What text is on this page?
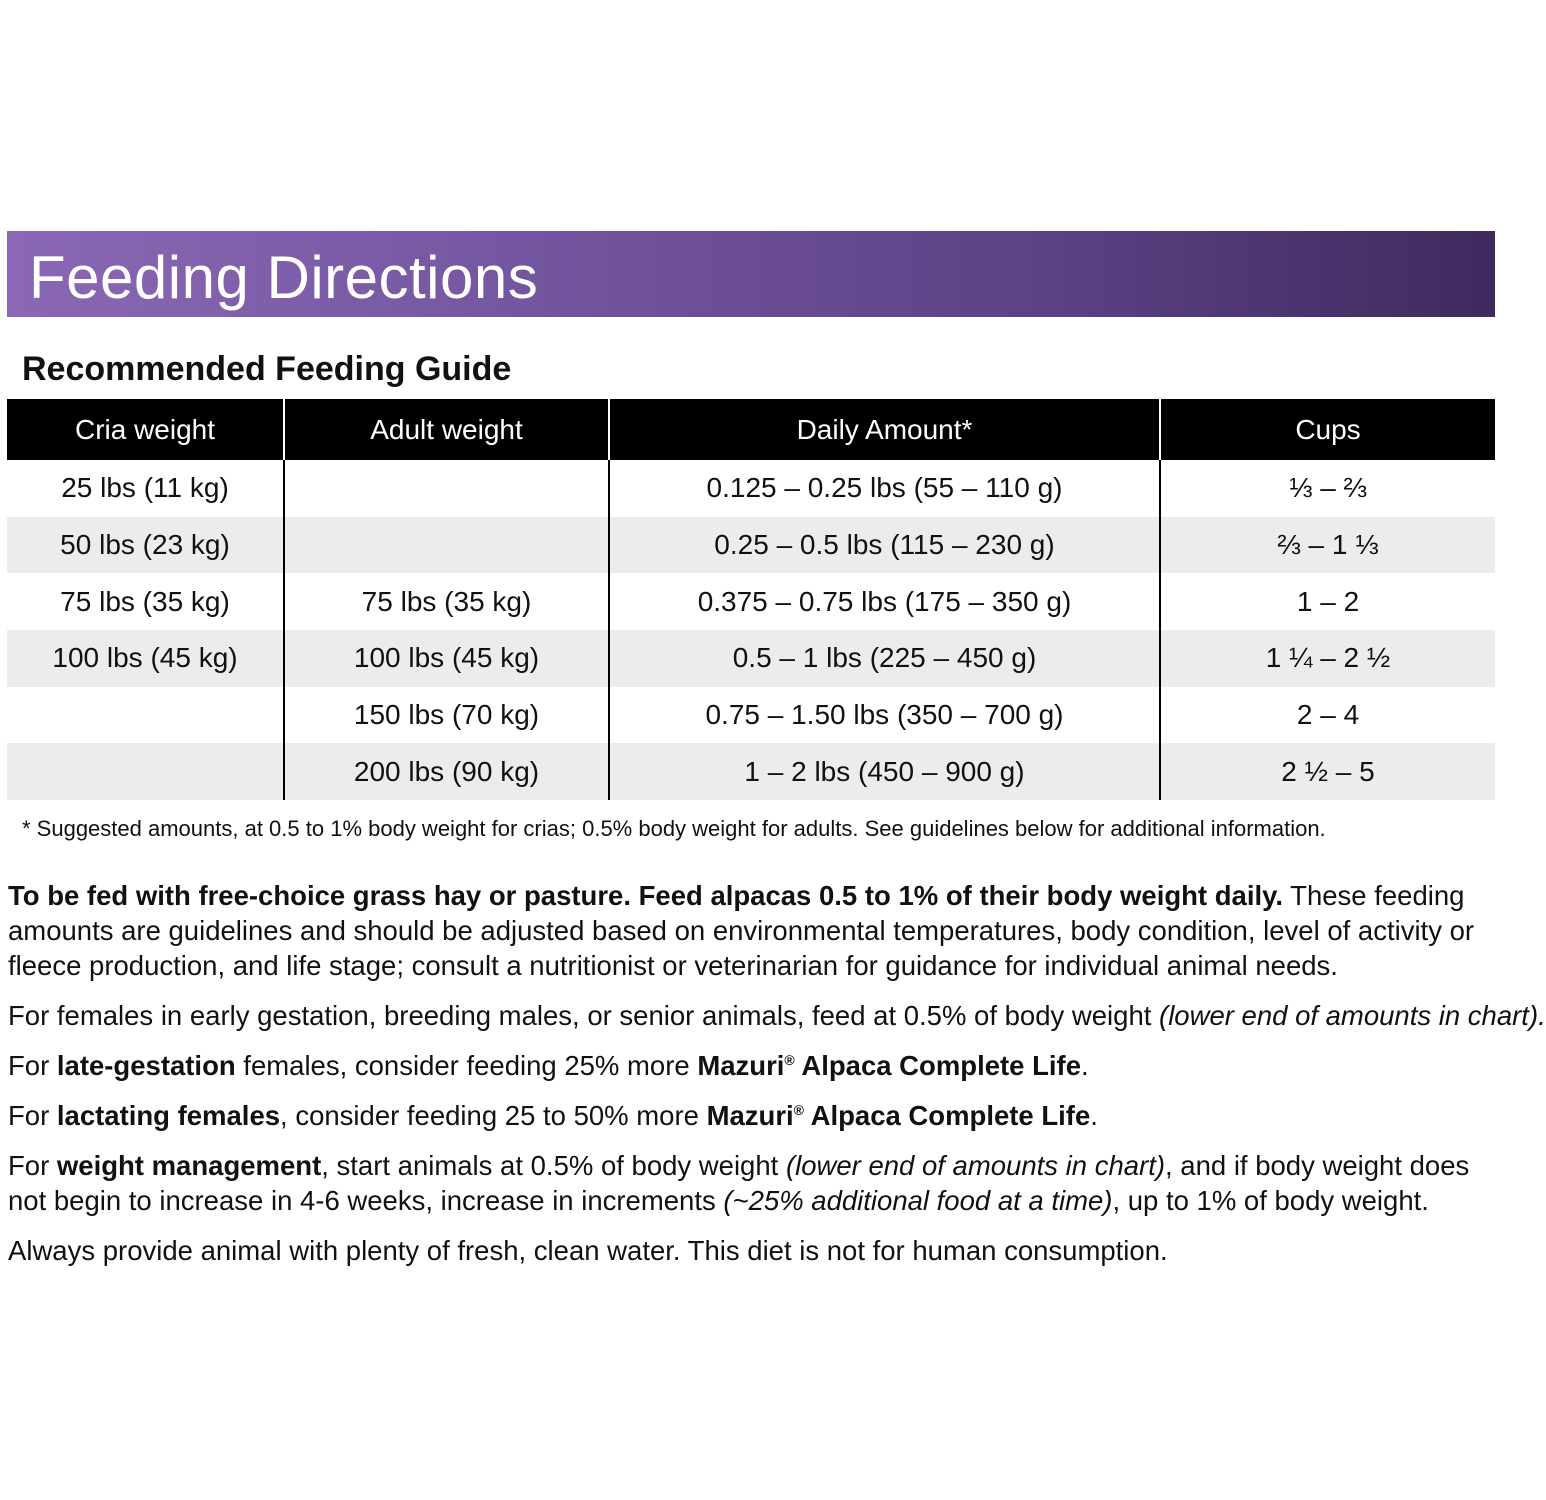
Feeding Directions
Recommended Feeding Guide
Cria weight	Adult weight	Daily Amount*	Cups
25 lbs (11 kg)		0.125 – 0.25 lbs (55 – 110 g)	⅓ – ⅔
50 lbs (23 kg)		0.25 – 0.5 lbs (115 – 230 g)	⅔ – 1 ⅓
75 lbs (35 kg)	75 lbs (35 kg)	0.375 – 0.75 lbs (175 – 350 g)	1 – 2
100 lbs (45 kg)	100 lbs (45 kg)	0.5 – 1 lbs (225 – 450 g)	1 ¼ – 2 ½
	150 lbs (70 kg)	0.75 – 1.50 lbs (350 – 700 g)	2 – 4
	200 lbs (90 kg)	1 – 2 lbs (450 – 900 g)	2 ½ – 5
* Suggested amounts, at 0.5 to 1% body weight for crias; 0.5% body weight for adults. See guidelines below for additional information.
To be fed with free-choice grass hay or pasture. Feed alpacas 0.5 to 1% of their body weight daily. These feeding amounts are guidelines and should be adjusted based on environmental temperatures, body condition, level of activity or fleece production, and life stage; consult a nutritionist or veterinarian for guidance for individual animal needs.
For females in early gestation, breeding males, or senior animals, feed at 0.5% of body weight (lower end of amounts in chart).
For late-gestation females, consider feeding 25% more Mazuri® Alpaca Complete Life.
For lactating females, consider feeding 25 to 50% more Mazuri® Alpaca Complete Life.
For weight management, start animals at 0.5% of body weight (lower end of amounts in chart), and if body weight does not begin to increase in 4-6 weeks, increase in increments (~25% additional food at a time), up to 1% of body weight.
Always provide animal with plenty of fresh, clean water. This diet is not for human consumption.
